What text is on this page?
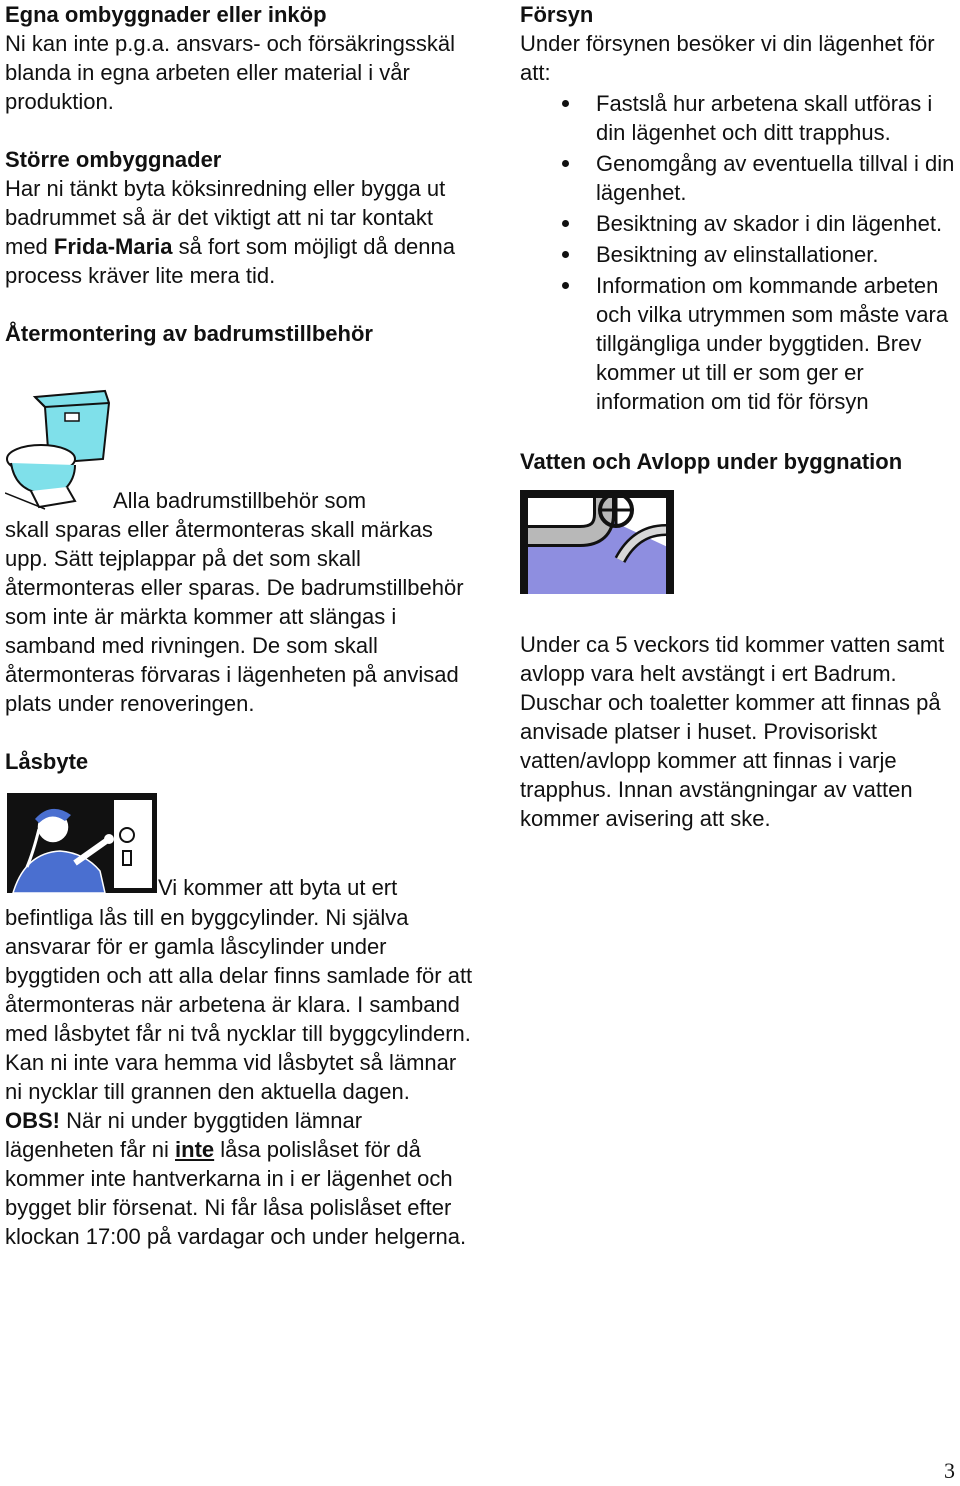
Egna ombyggnader eller inköp

Ni kan inte p.g.a. ansvars- och försäkringsskäl blanda in egna arbeten eller material i vår produktion.

Större ombyggnader

Har ni tänkt byta köksinredning eller bygga ut badrummet så är det viktigt att ni tar kontakt med Frida-Maria så fort som möjligt då denna process kräver lite mera tid.

Återmontering av badrumstillbehör

Alla badrumstillbehör som

skall sparas eller återmonteras skall märkas upp. Sätt tejplappar på det som skall återmonteras eller sparas. De badrumstillbehör som inte är märkta kommer att slängas i samband med rivningen. De som skall återmonteras förvaras i lägenheten på anvisad plats under renoveringen.

Låsbyte

Vi kommer att byta ut ert

befintliga lås till en byggcylinder. Ni själva ansvarar för er gamla låscylinder under byggtiden och att alla delar finns samlade för att återmonteras när arbetena är klara. I samband med låsbytet får ni två nycklar till byggcylindern. Kan ni inte vara hemma vid låsbytet så lämnar ni nycklar till grannen den aktuella dagen.

OBS! När ni under byggtiden lämnar lägenheten får ni inte låsa polislåset för då kommer inte hantverkarna in i er lägenhet och bygget blir försenat. Ni får låsa polislåset efter klockan 17:00 på vardagar och under helgerna.

Försyn

Under försynen besöker vi din lägenhet för att:

Fastslå hur arbetena skall utföras i din lägenhet och ditt trapphus.
Genomgång av eventuella tillval i din lägenhet.
Besiktning av skador i din lägenhet.
Besiktning av elinstallationer.
Information om kommande arbeten och vilka utrymmen som måste vara tillgängliga under byggtiden. Brev kommer ut till er som ger er information om tid för försyn

Vatten och Avlopp under byggnation

Under ca 5 veckors tid kommer vatten samt avlopp vara helt avstängt i ert Badrum. Duschar och toaletter kommer att finnas på anvisade platser i huset. Provisoriskt vatten/avlopp kommer att finnas i varje trapphus. Innan avstängningar av vatten kommer avisering att ske.

3
